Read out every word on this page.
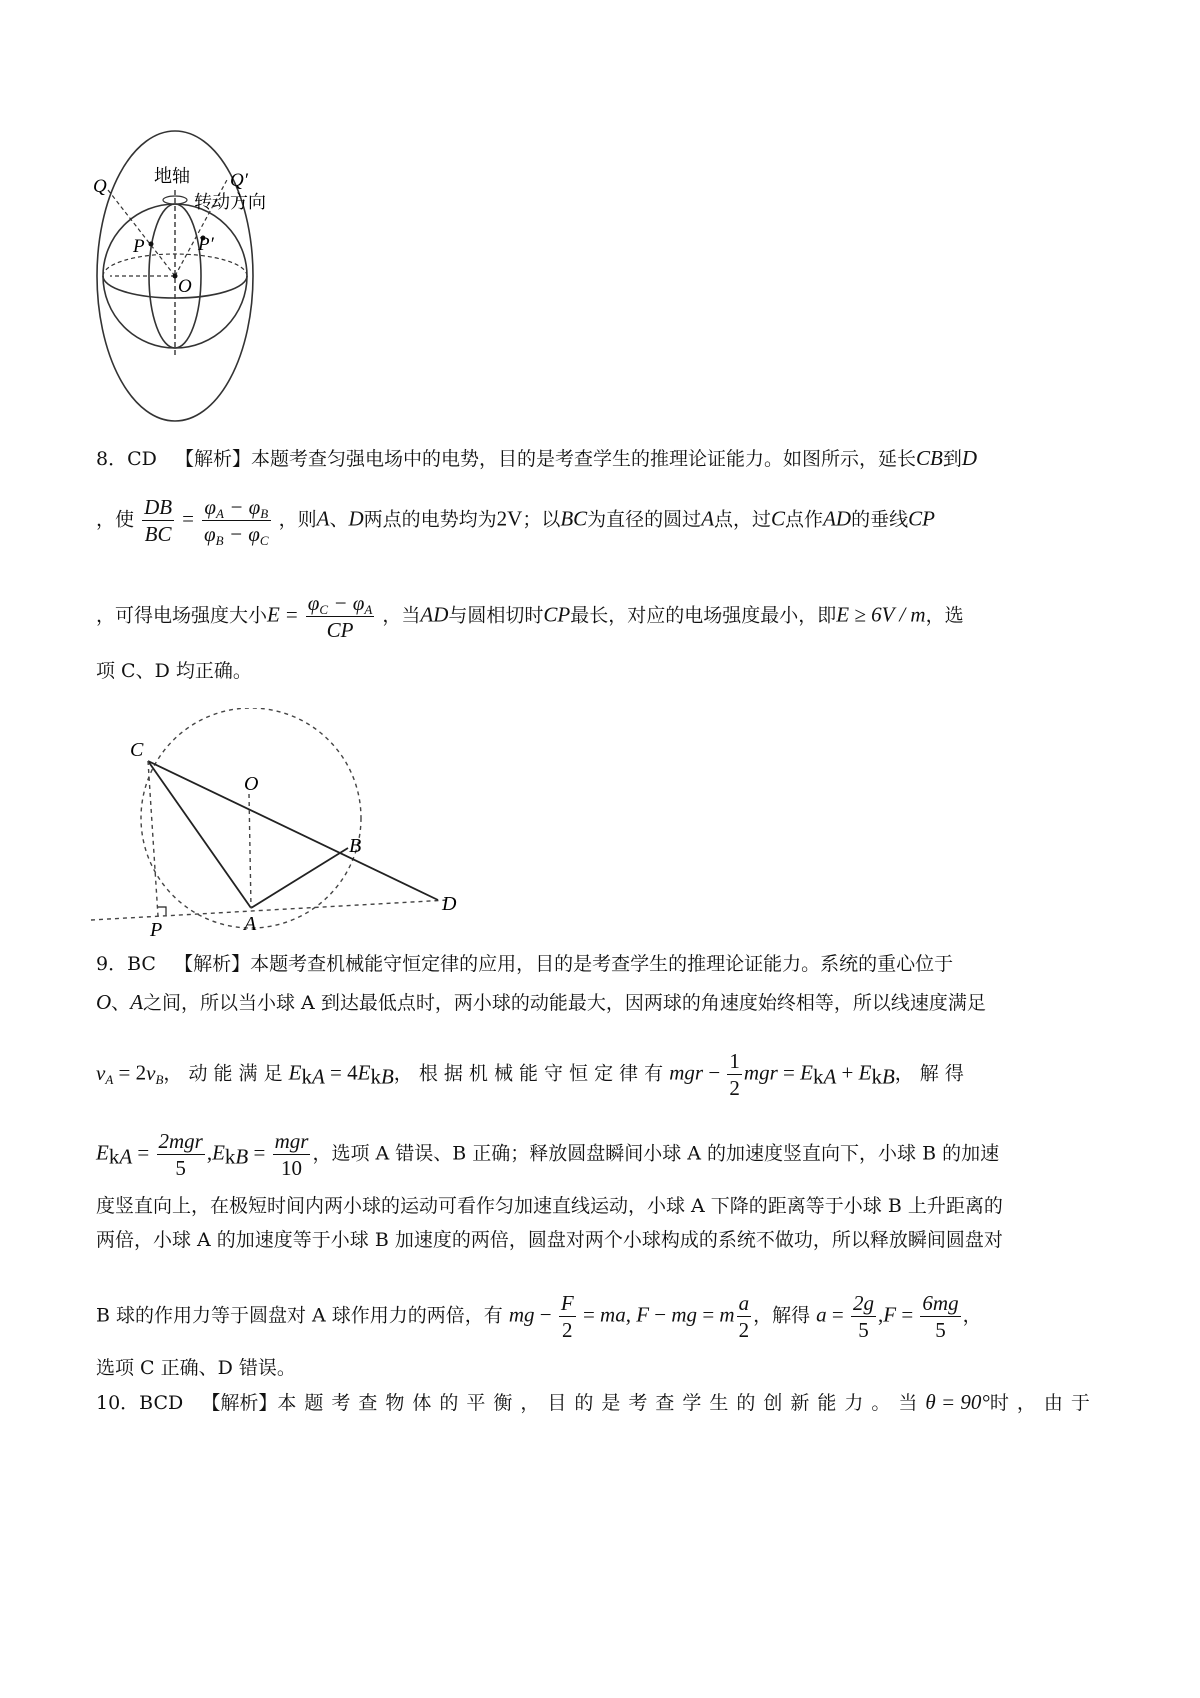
地轴
转动方向
Q	Q′
P	P′
O
8．CD 【解析】本题考查匀强电场中的电势，目的是考查学生的推理论证能力。如图所示，延长CB到D
，使 $\frac{DB}{BC} = \frac{\varphi_A - \varphi_B}{\varphi_B - \varphi_C}$ ，则A、D两点的电势均为2V；以BC为直径的圆过A点，过C点作AD的垂线CP
，可得电场强度大小$E = \frac{\varphi_C - \varphi_A}{CP}$ ，当AD与圆相切时CP最长，对应的电场强度最小，即E ≥ 6V / m，选
项 C、D 均正确。
C
O
B
A
D
P
9．BC 【解析】本题考查机械能守恒定律的应用，目的是考查学生的推理论证能力。系统的重心位于
O、A之间，所以当小球 A 到达最低点时，两小球的动能最大，因两球的角速度始终相等，所以线速度满足
$v_A = 2v_B$， 动 能 满 足 $E_{kA} = 4E_{kB}$， 根 据 机 械 能 守 恒 定 律 有 mgr − $\frac{1}{2}$ mgr = $E_{kA} + E_{kB}$， 解 得
$E_{kA} = \frac{\text{2mgr}}{5} ,E_{kB} = \frac{\text{mgr}}{10}$ ，选项 A 错误、B 正确；释放圆盘瞬间小球 A 的加速度竖直向下，小球 B 的加速
度竖直向上，在极短时间内两小球的运动可看作匀加速直线运动，小球 A 下降的距离等于小球 B 上升距离的
两倍，小球 A 的加速度等于小球 B 加速度的两倍，圆盘对两个小球构成的系统不做功，所以释放瞬间圆盘对
B 球的作用力等于圆盘对 A 球作用力的两倍，有 mg − $\frac{F}{2}$ = ma, F − mg = m $\frac{a}{2}$ ，解得 $a = \frac{2g}{5} ,F = \frac{6mg}{5}$ ，
选项 C 正确、D 错误。
10．BCD 【解析】本题考查物体的平衡，目的是考查学生的创新能力。当θ = 90°时，由于
